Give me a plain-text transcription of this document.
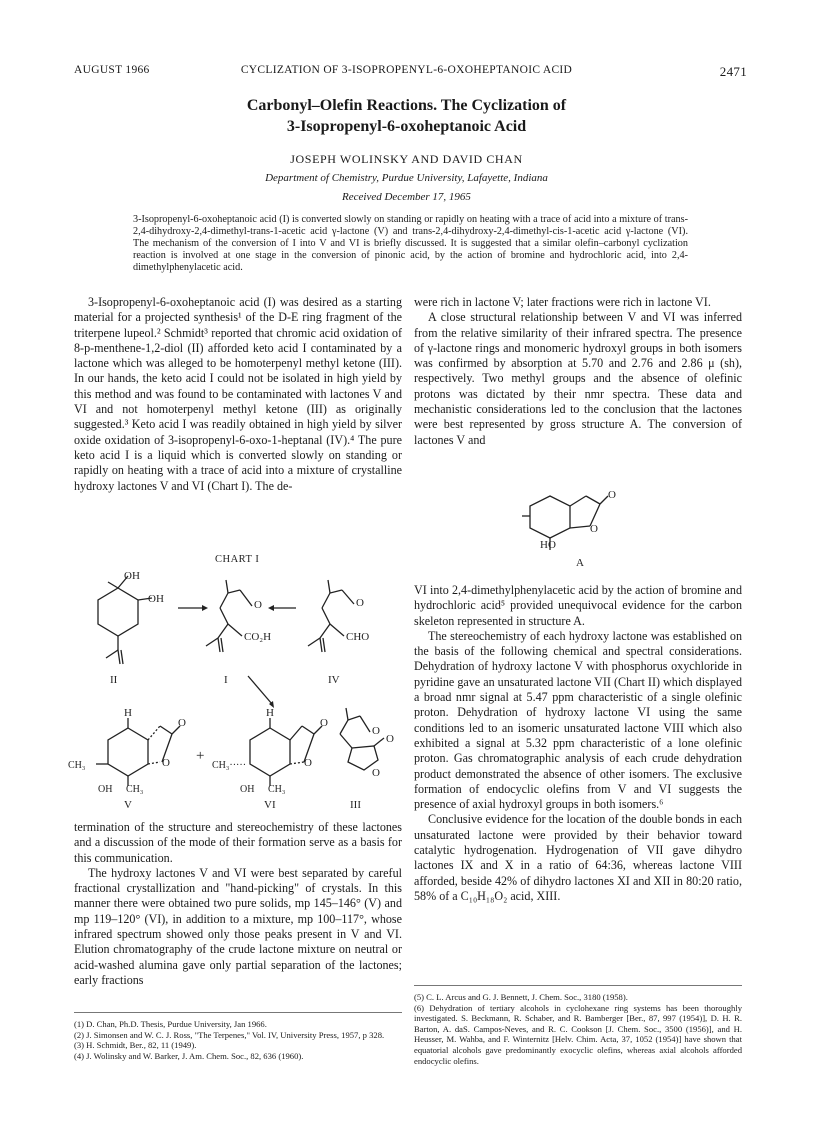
AUGUST 1966	CYCLIZATION OF 3-ISOPROPENYL-6-OXOHEPTANOIC ACID	2471
Carbonyl–Olefin Reactions. The Cyclization of
3-Isopropenyl-6-oxoheptanoic Acid
JOSEPH WOLINSKY AND DAVID CHAN
Department of Chemistry, Purdue University, Lafayette, Indiana
Received December 17, 1965
3-Isopropenyl-6-oxoheptanoic acid (I) is converted slowly on standing or rapidly on heating with a trace of acid into a mixture of trans-2,4-dihydroxy-2,4-dimethyl-trans-1-acetic acid γ-lactone (V) and trans-2,4-dihydroxy-2,4-dimethyl-cis-1-acetic acid γ-lactone (VI). The mechanism of the conversion of I into V and VI is briefly discussed. It is suggested that a similar olefin–carbonyl cyclization reaction is involved at one stage in the conversion of pinonic acid, by the action of bromine and hydrochloric acid, into 2,4-dimethylphenylacetic acid.

3-Isopropenyl-6-oxoheptanoic acid (I) was desired as a starting material for a projected synthesis¹ of the D-E ring fragment of the triterpene lupeol.² Schmidt³ reported that chromic acid oxidation of 8-p-menthene-1,2-diol (II) afforded keto acid I contaminated by a lactone which was alleged to be homoterpenyl methyl ketone (III). In our hands, the keto acid I could not be isolated in high yield by this method and was found to be contaminated with lactones V and VI and not homoterpenyl methyl ketone (III) as originally suggested.³ Keto acid I was readily obtained in high yield by silver oxide oxidation of 3-isopropenyl-6-oxo-1-heptanal (IV).⁴ The pure keto acid I is a liquid which is converted slowly on standing or rapidly on heating with a trace of acid into a mixture of crystalline hydroxy lactones V and VI (Chart I). The de-

CHART I
OH
OH
II
O
CO₂H
I
O
CHO
IV
H
O
O
CH₃
OH CH₃
V
+
H
O
O
CH₃·····
OH CH₃
VI
O
O
O
III

termination of the structure and stereochemistry of these lactones and a discussion of the mode of their formation serve as a basis for this communication.

The hydroxy lactones V and VI were best separated by careful fractional crystallization and "hand-picking" of crystals. In this manner there were obtained two pure solids, mp 145–146° (V) and mp 119–120° (VI), in addition to a mixture, mp 100–117°, whose infrared spectrum showed only those peaks present in V and VI. Elution chromatography of the crude lactone mixture on neutral or acid-washed alumina gave only partial separation of the lactones; early fractions

were rich in lactone V; later fractions were rich in lactone VI.

A close structural relationship between V and VI was inferred from the relative similarity of their infrared spectra. The presence of γ-lactone rings and monomeric hydroxyl groups in both isomers was confirmed by absorption at 5.70 and 2.76 and 2.86 μ (sh), respectively. Two methyl groups and the absence of olefinic protons was dictated by their nmr spectra. These data and mechanistic considerations led to the conclusion that the lactones were best represented by gross structure A. The conversion of lactones V and

O
O
HO
A

VI into 2,4-dimethylphenylacetic acid by the action of bromine and hydrochloric acid⁵ provided unequivocal evidence for the carbon skeleton represented in structure A.

The stereochemistry of each hydroxy lactone was established on the basis of the following chemical and spectral considerations. Dehydration of hydroxy lactone V with phosphorus oxychloride in pyridine gave an unsaturated lactone VII (Chart II) which displayed a broad nmr signal at 5.47 ppm characteristic of a single olefinic proton. Dehydration of hydroxy lactone VI using the same conditions led to an isomeric unsaturated lactone VIII which also exhibited a signal at 5.32 ppm characteristic of a lone olefinic proton. Gas chromatographic analysis of each crude dehydration product demonstrated the absence of other isomers. The exclusive formation of endocyclic olefins from V and VI suggests the presence of axial hydroxyl groups in both isomers.⁶

Conclusive evidence for the location of the double bonds in each unsaturated lactone were provided by their behavior toward catalytic hydrogenation. Hydrogenation of VII gave dihydro lactones IX and X in a ratio of 64:36, whereas lactone VIII afforded, beside 42% of dihydro lactones XI and XII in 80:20 ratio, 58% of a C₁₀H₁₈O₂ acid, XIII.

(1) D. Chan, Ph.D. Thesis, Purdue University, Jan 1966.

(2) J. Simonsen and W. C. J. Ross, "The Terpenes," Vol. IV, University Press, 1957, p 328.

(3) H. Schmidt, Ber., 82, 11 (1949).

(4) J. Wolinsky and W. Barker, J. Am. Chem. Soc., 82, 636 (1960).

(5) C. L. Arcus and G. J. Bennett, J. Chem. Soc., 3180 (1958).

(6) Dehydration of tertiary alcohols in cyclohexane ring systems has been thoroughly investigated. S. Beckmann, R. Schaber, and R. Bamberger [Ber., 87, 997 (1954)], D. H. R. Barton, A. daS. Campos-Neves, and R. C. Cookson [J. Chem. Soc., 3500 (1956)], and H. Heusser, M. Wahba, and F. Winternitz [Helv. Chim. Acta, 37, 1052 (1954)] have shown that equatorial alcohols gave predominantly exocyclic olefins, whereas axial alcohols afforded endocyclic olefins.
